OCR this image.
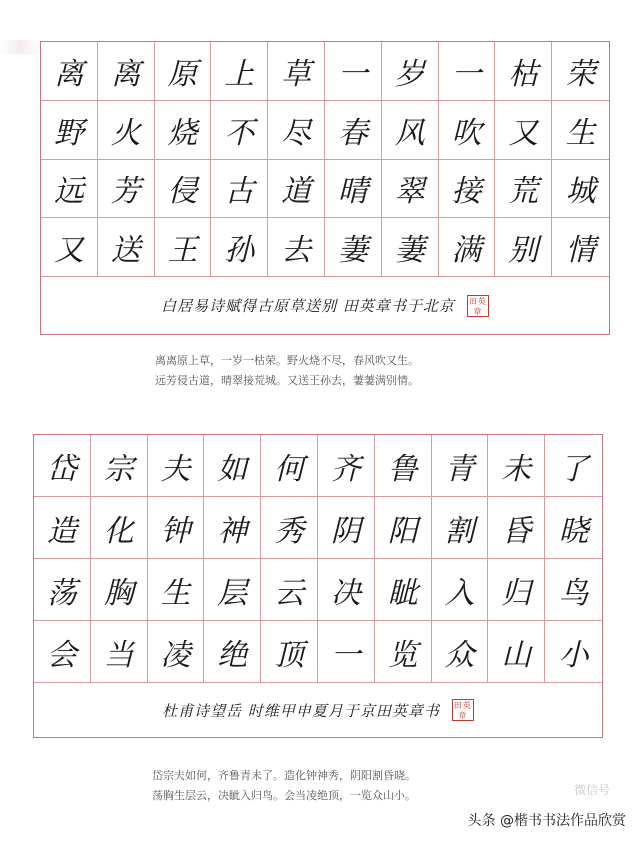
离 离 原 上 草 一 岁 一 枯 荣
野 火 烧 不 尽 春 风 吹 又 生
远 芳 侵 古 道 晴 翠 接 荒 城
又 送 王 孙 去 萋 萋 满 别 情
白居易诗赋得古原草送别 田英章书于北京 田英章
离离原上草，一岁一枯荣。野火烧不尽，春风吹又生。
远芳侵古道，晴翠接荒城。又送王孙去，萋萋满别情。
岱 宗 夫 如 何 齐 鲁 青 未 了
造 化 钟 神 秀 阴 阳 割 昏 晓
荡 胸 生 层 云 决 眦 入 归 鸟
会 当 凌 绝 顶 一 览 众 山 小
杜甫诗望岳 时维甲申夏月于京田英章书 田英章
岱宗夫如何，齐鲁青未了。造化钟神秀，阴阳割昏晓。
荡胸生层云，决眦入归鸟。会当凌绝顶，一览众山小。	微信号
头条 @楷书书法作品欣赏
